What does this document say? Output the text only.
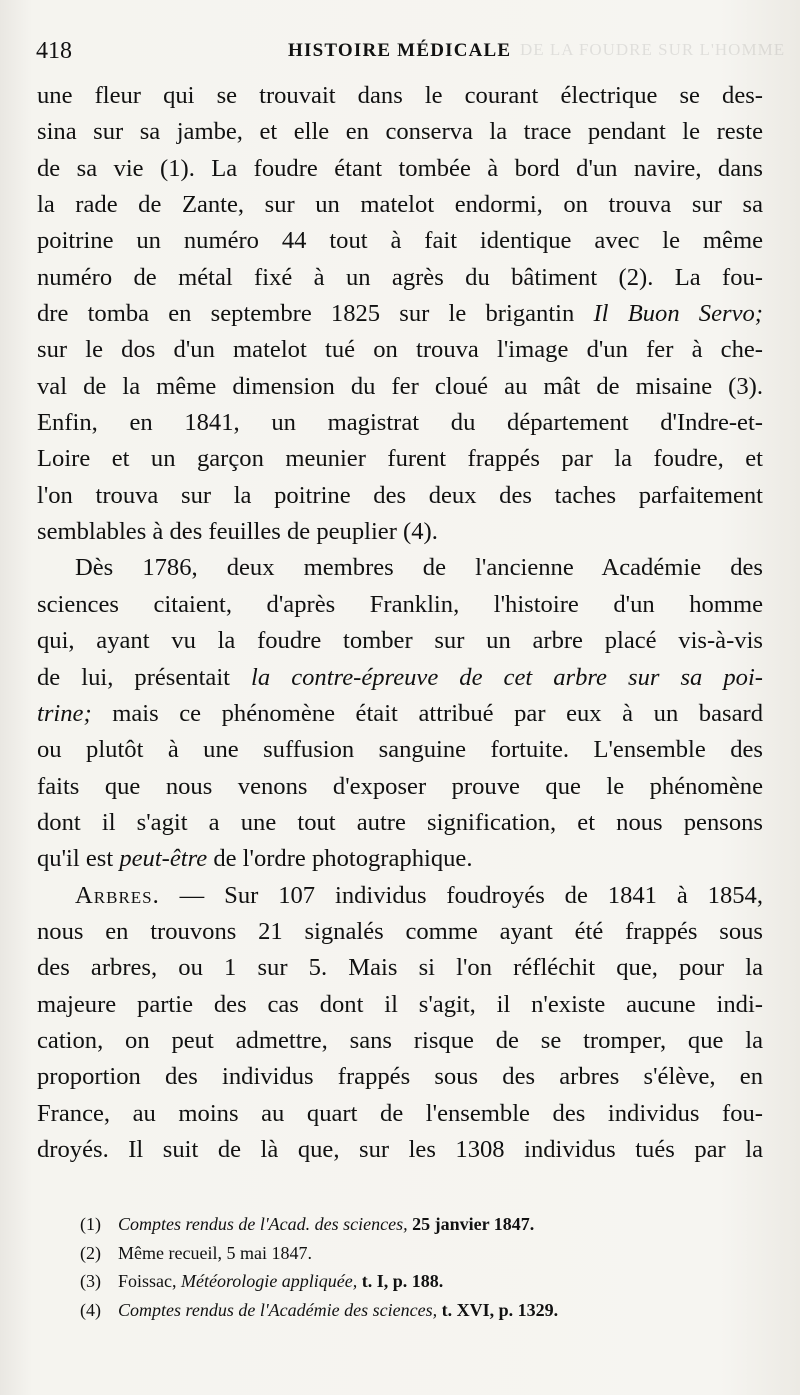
DE LA FOUDRE SUR L'HOMME
418	HISTOIRE MÉDICALE
une fleur qui se trouvait dans le courant électrique se des-
sina sur sa jambe, et elle en conserva la trace pendant le reste
de sa vie (1). La foudre étant tombée à bord d'un navire, dans
la rade de Zante, sur un matelot endormi, on trouva sur sa
poitrine un numéro 44 tout à fait identique avec le même
numéro de métal fixé à un agrès du bâtiment (2). La fou-
dre tomba en septembre 1825 sur le brigantin Il Buon Servo;
sur le dos d'un matelot tué on trouva l'image d'un fer à che-
val de la même dimension du fer cloué au mât de misaine (3).
Enfin, en 1841, un magistrat du département d'Indre-et-
Loire et un garçon meunier furent frappés par la foudre, et
l'on trouva sur la poitrine des deux des taches parfaitement
semblables à des feuilles de peuplier (4).
Dès 1786, deux membres de l'ancienne Académie des
sciences citaient, d'après Franklin, l'histoire d'un homme
qui, ayant vu la foudre tomber sur un arbre placé vis-à-vis
de lui, présentait la contre-épreuve de cet arbre sur sa poi-
trine; mais ce phénomène était attribué par eux à un basard
ou plutôt à une suffusion sanguine fortuite. L'ensemble des
faits que nous venons d'exposer prouve que le phénomène
dont il s'agit a une tout autre signification, et nous pensons
qu'il est peut-être de l'ordre photographique.
Arbres. — Sur 107 individus foudroyés de 1841 à 1854,
nous en trouvons 21 signalés comme ayant été frappés sous
des arbres, ou 1 sur 5. Mais si l'on réfléchit que, pour la
majeure partie des cas dont il s'agit, il n'existe aucune indi-
cation, on peut admettre, sans risque de se tromper, que la
proportion des individus frappés sous des arbres s'élève, en
France, au moins au quart de l'ensemble des individus fou-
droyés. Il suit de là que, sur les 1308 individus tués par la
(1) Comptes rendus de l'Acad. des sciences, 25 janvier 1847.
(2) Même recueil, 5 mai 1847.
(3) Foissac, Météorologie appliquée, t. I, p. 188.
(4) Comptes rendus de l'Académie des sciences, t. XVI, p. 1329.
